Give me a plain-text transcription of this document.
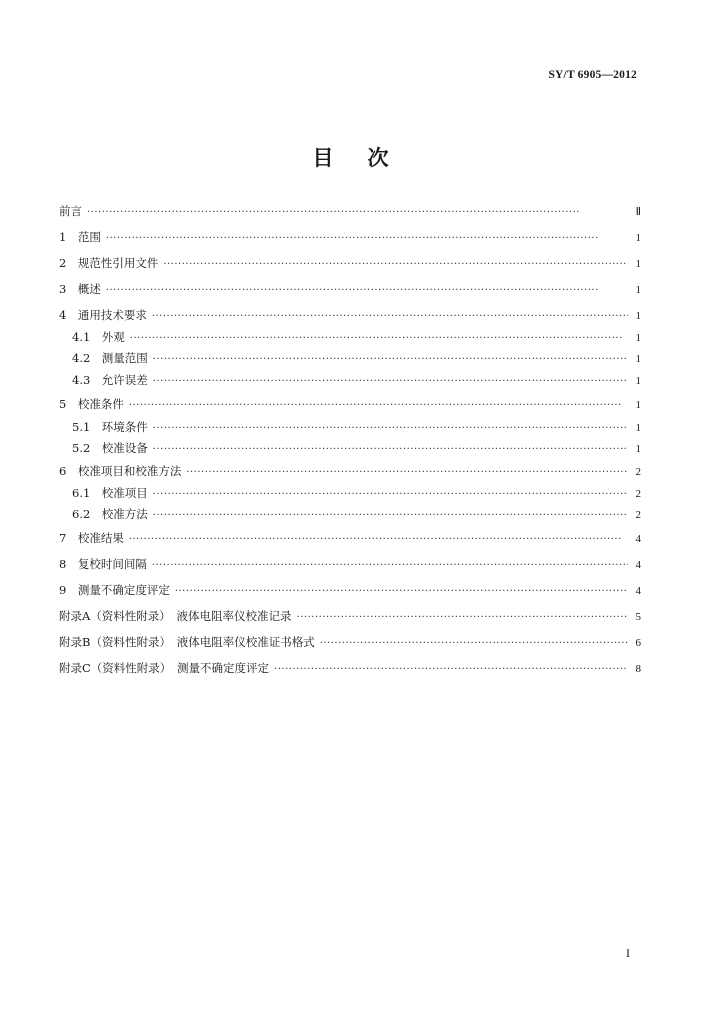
SY/T 6905—2012
目次
前言 ·····	Ⅱ
1　范围 ·····	1
2　规范性引用文件 ·····	1
3　概述 ·····	1
4　通用技术要求 ·····	1
4.1　外观 ·····	1
4.2　测量范围 ·····	1
4.3　允许误差 ·····	1
5　校准条件 ·····	1
5.1　环境条件 ·····	1
5.2　校准设备 ·····	1
6　校准项目和校准方法 ·····	2
6.1　校准项目 ·····	2
6.2　校准方法 ·····	2
7　校准结果 ·····	4
8　复校时间间隔 ·····	4
9　测量不确定度评定 ·····	4
附录A（资料性附录）　液体电阻率仪校准记录 ·····	5
附录B（资料性附录）　液体电阻率仪校准证书格式 ·····	6
附录C（资料性附录）　测量不确定度评定 ·····	8
I
